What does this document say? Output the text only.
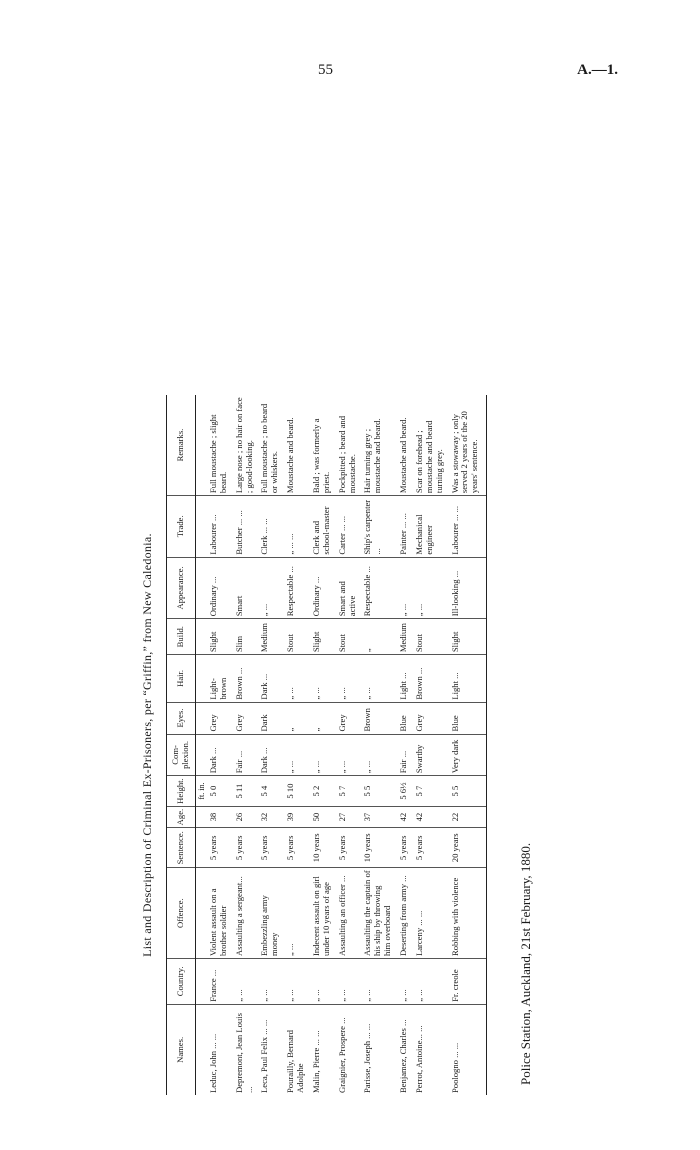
55	A.—1.
List and Description of Criminal Ex-Prisoners, per “Griffin,” from New Caledonia.
Names.	Country.	Offence.	Sentence.	Age.	Height.	Com-plexion.	Eyes.	Hair.	Build.	Appearance.	Trade.	Remarks.
					ft. in.							
Leduc, John ... ...	France ...	Violent assault on a brother soldier	5 years	38	5 0	Dark ...	Grey	Light-brown	Slight	Ordinary ...	Labourer ...	Full moustache ; slight beard.
Depremont, Jean Louis ...	„ ...	Assaulting a sergeant...	5 years	26	5 11	Fair ...	Grey	Brown ...	Slim	Smart	Butcher ... ...	Large nose ; no hair on face ; good-looking.
Leca, Paul Felix ... ...	„ ...	Embezzling army money	5 years	32	5 4	Dark ...	Dark	Dark ...	Medium	„ ...	Clerk ... ...	Full moustache ; no beard or whiskers.
Pourailly, Bernard Adolphe	„ ...	„ ...	5 years	39	5 10	„ ...	„	„ ...	Stout	Respectable ...	„ ... ...	Moustache and beard.
Malin, Pierre ... ...	„ ...	Indecent assault on girl under 10 years of age	10 years	50	5 2	„ ...	„	„ ...	Slight	Ordinary ...	Clerk and school-master	Bald ; was formerly a priest.
Graignier, Prospere ...	„ ...	Assaulting an officer ...	5 years	27	5 7	„ ...	Grey	„ ...	Stout	Smart and active	Carter ... ...	Pockpitted ; beard and moustache.
Parisse, Joseph ... ...	„ ...	Assaulting the captain of his ship by throwing him overboard	10 years	37	5 5	„ ...	Brown	„ ...	„	Respectable ...	Ship's carpenter ...	Hair turning grey ; moustache and beard.
Benjamez, Charles ...	„ ...	Deserting from army ...	5 years	42	5 6½	Fair ...	Blue	Light ...	Medium	„ ...	Painter ... ...	Moustache and beard.
Perrot, Antoine... ...	„ ...	Larceny ... ...	5 years	42	5 7	Swarthy	Grey	Brown ...	Stout	„ ...	Mechanical engineer	Scar on forehead ; moustache and beard turning grey.
Poologno ... ...	Fr. creole	Robbing with violence	20 years	22	5 5	Very dark	Blue	Light ...	Slight	Ill-looking ...	Labourer ... ...	Was a stowaway ; only served 2 years of the 20 years' sentence.
Police Station, Auckland, 21st February, 1880.
